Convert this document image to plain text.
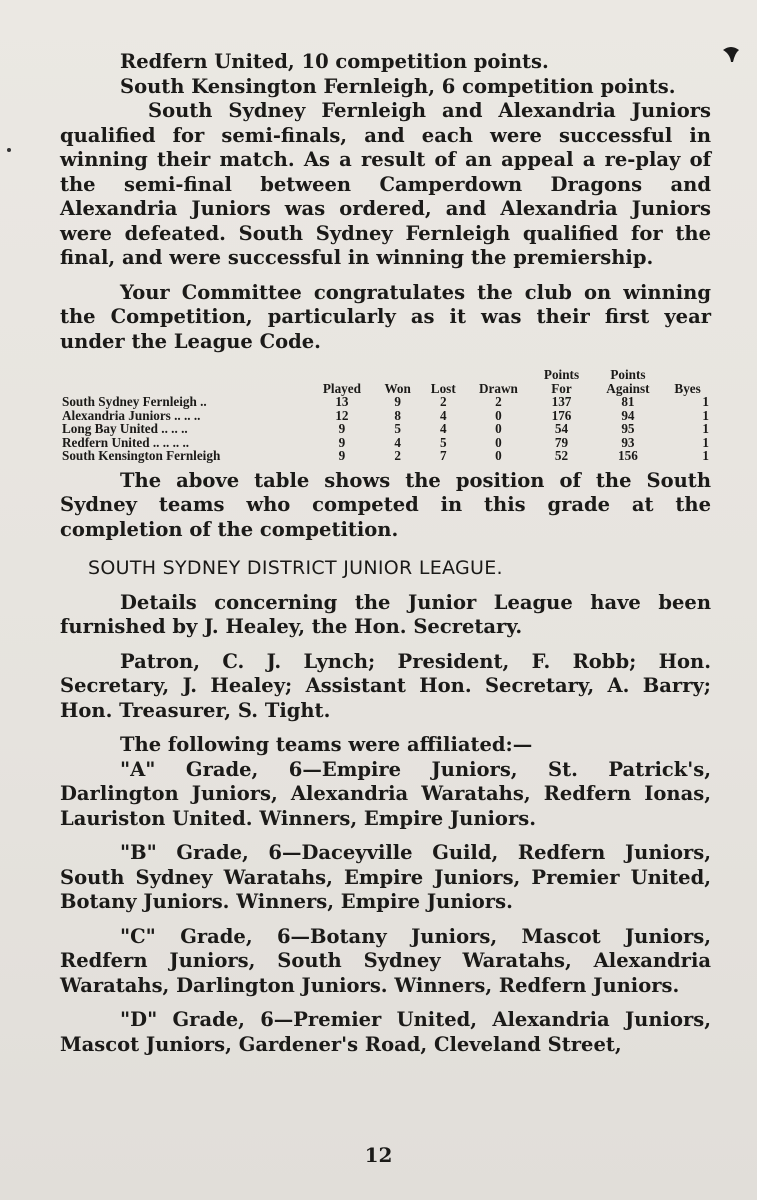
Redfern United, 10 competition points.

South Kensington Fernleigh, 6 competition points.

South Sydney Fernleigh and Alexandria Juniors qualified for semi-finals, and each were successful in winning their match. As a result of an appeal a re-play of the semi-final between Camperdown Dragons and Alexandria Juniors was ordered, and Alexandria Juniors were defeated. South Sydney Fernleigh qualified for the final, and were successful in winning the premiership.

Your Committee congratulates the club on winning the Competition, particularly as it was their first year under the League Code.

					Points	Points	
	Played	Won	Lost	Drawn	For	Against	Byes
South Sydney Fernleigh ..	13	9	2	2	137	81	1
Alexandria Juniors .. .. ..	12	8	4	0	176	94	1
Long Bay United .. .. ..	9	5	4	0	54	95	1
Redfern United .. .. .. ..	9	4	5	0	79	93	1
South Kensington Fernleigh	9	2	7	0	52	156	1

The above table shows the position of the South Sydney teams who competed in this grade at the completion of the competition.

SOUTH SYDNEY DISTRICT JUNIOR LEAGUE.

Details concerning the Junior League have been furnished by J. Healey, the Hon. Secretary.

Patron, C. J. Lynch; President, F. Robb; Hon. Secretary, J. Healey; Assistant Hon. Secretary, A. Barry; Hon. Treasurer, S. Tight.

The following teams were affiliated:—

"A" Grade, 6—Empire Juniors, St. Patrick's, Darlington Juniors, Alexandria Waratahs, Redfern Ionas, Lauriston United. Winners, Empire Juniors.

"B" Grade, 6—Daceyville Guild, Redfern Juniors, South Sydney Waratahs, Empire Juniors, Premier United, Botany Juniors. Winners, Empire Juniors.

"C" Grade, 6—Botany Juniors, Mascot Juniors, Redfern Juniors, South Sydney Waratahs, Alexandria Waratahs, Darlington Juniors. Winners, Redfern Juniors.

"D" Grade, 6—Premier United, Alexandria Juniors, Mascot Juniors, Gardener's Road, Cleveland Street,

12
